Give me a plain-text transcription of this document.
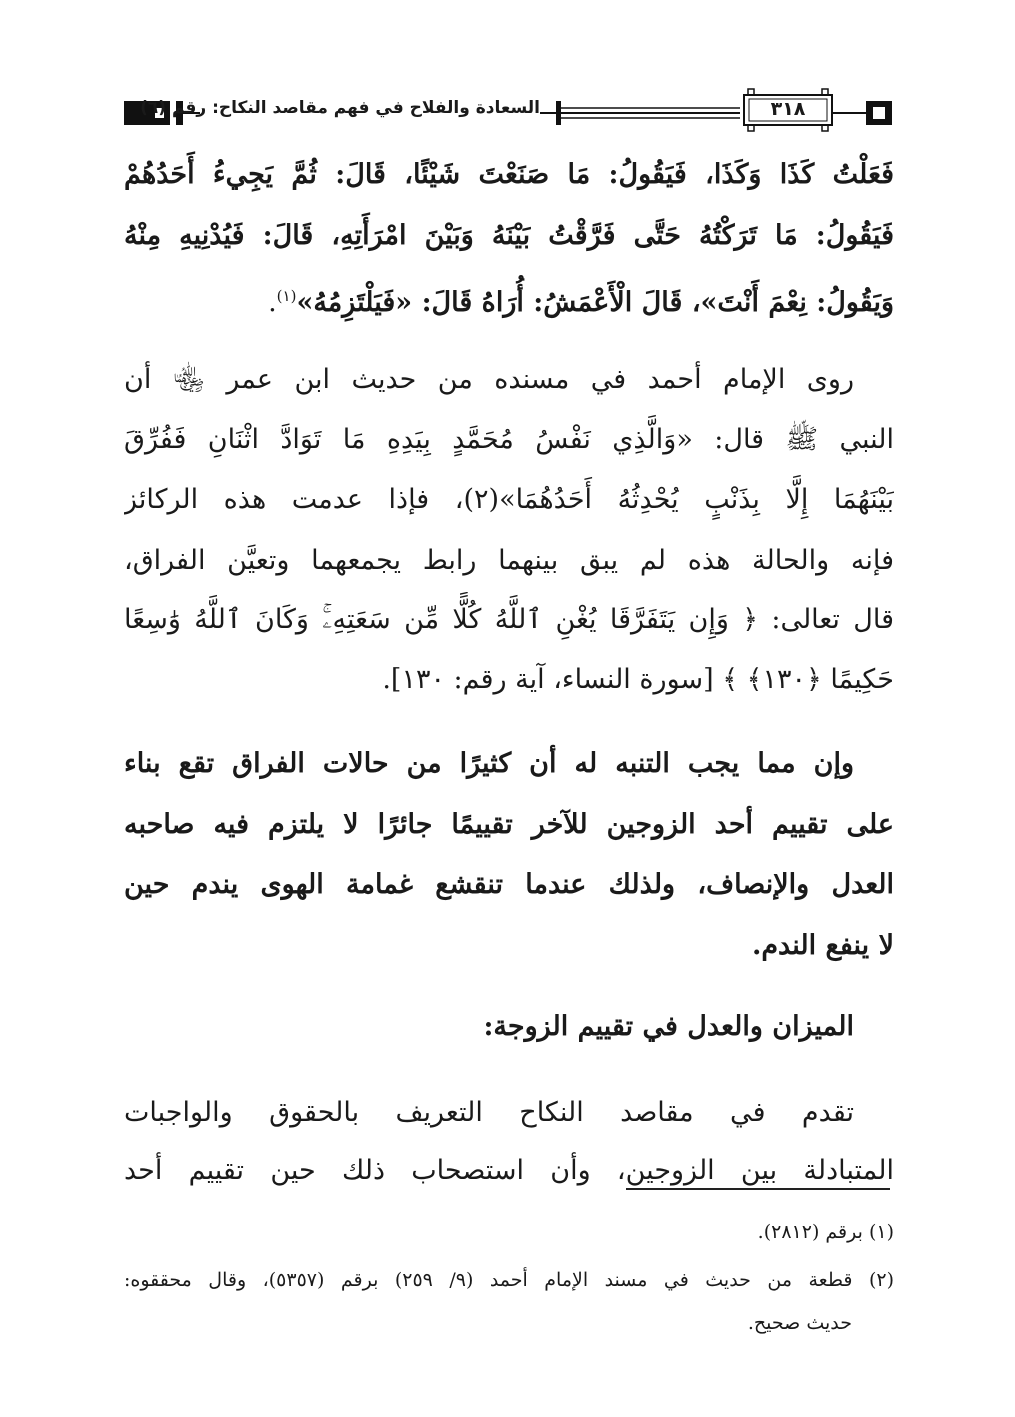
السعادة والفلاح في فهم مقاصد النكاح: رقم (٦)	٣١٨
فَعَلْتُ كَذَا وَكَذَا، فَيَقُولُ: مَا صَنَعْتَ شَيْئًا، قَالَ: ثُمَّ يَجِيءُ أَحَدُهُمْ
فَيَقُولُ: مَا تَرَكْتُهُ حَتَّى فَرَّقْتُ بَيْنَهُ وَبَيْنَ امْرَأَتِهِ، قَالَ: فَيُدْنِيهِ مِنْهُ
وَيَقُولُ: نِعْمَ أَنْتَ»، قَالَ الْأَعْمَشُ: أُرَاهُ قَالَ: «فَيَلْتَزِمُهُ»$^{(١)}$.
روى الإمام أحمد في مسنده من حديث ابن عمر ﵄ أن
النبي ﷺ قال: «وَالَّذِي نَفْسُ مُحَمَّدٍ بِيَدِهِ مَا تَوَادَّ اثْنَانِ فَفُرِّقَ
بَيْنَهُمَا إِلَّا بِذَنْبٍ يُحْدِثُهُ أَحَدُهُمَا»(٢)، فإذا عدمت هذه الركائز
فإنه والحالة هذه لم يبق بينهما رابط يجمعهما وتعيَّن الفراق،
قال تعالى: ﴿ وَإِن يَتَفَرَّقَا يُغْنِ ٱللَّهُ كُلًّا مِّن سَعَتِهِۦۚ وَكَانَ ٱللَّهُ وَٰسِعًا
حَكِيمًا ﴿١٣٠﴾ ﴾ [سورة النساء، آية رقم: ١٣٠].
وإن مما يجب التنبه له أن كثيرًا من حالات الفراق تقع بناء
على تقييم أحد الزوجين للآخر تقييمًا جائرًا لا يلتزم فيه صاحبه
العدل والإنصاف، ولذلك عندما تنقشع غمامة الهوى يندم حين
لا ينفع الندم.
الميزان والعدل في تقييم الزوجة:
تقدم في مقاصد النكاح التعريف بالحقوق والواجبات
المتبادلة بين الزوجين، وأن استصحاب ذلك حين تقييم أحد
(١) برقم (٢٨١٢).
(٢) قطعة من حديث في مسند الإمام أحمد (٩/ ٢٥٩) برقم (٥٣٥٧)، وقال محققوه:
حديث صحيح.
